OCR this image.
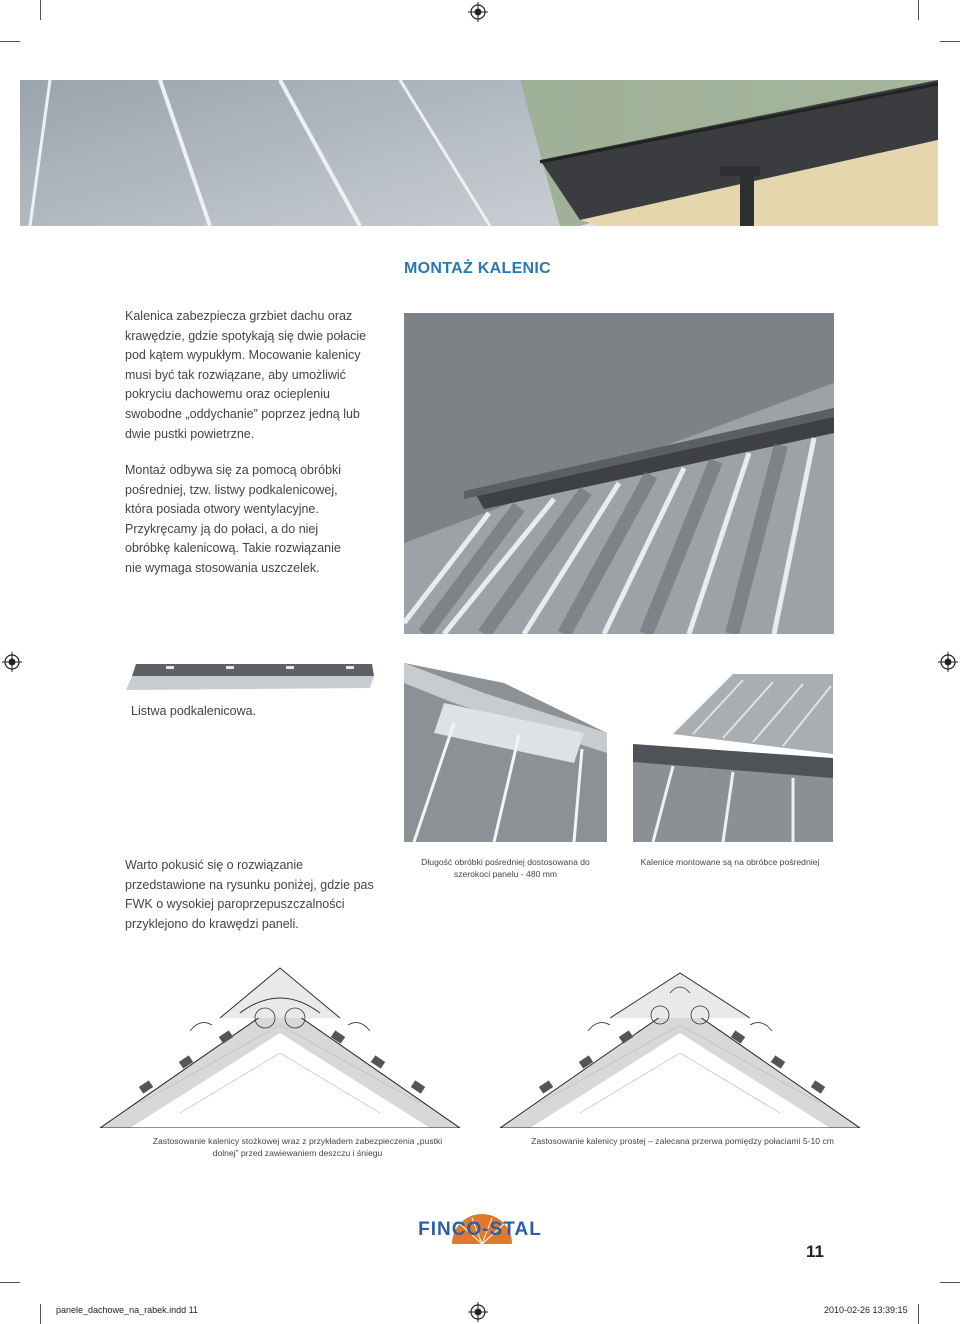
MONTAŻ KALENIC

Kalenica zabezpiecza grzbiet dachu oraz krawędzie, gdzie spotykają się dwie połacie pod kątem wypukłym. Mocowanie kalenicy musi być tak rozwiązane, aby umożliwić pokryciu dachowemu oraz ociepleniu swobodne „oddychanie” poprzez jedną lub dwie pustki powietrzne.

Montaż odbywa się za pomocą obróbki pośredniej, tzw. listwy podkalenicowej, która posiada otwory wentylacyjne. Przykręcamy ją do połaci, a do niej obróbkę kalenicową. Takie rozwiązanie nie wymaga stosowania uszczelek.

Listwa podkalenicowa.

Długość obróbki pośredniej dostosowana do szerokoci panelu - 480 mm
Kalenice montowane są na obróbce pośredniej

Warto pokusić się o rozwiązanie przedstawione na rysunku poniżej, gdzie pas FWK o wysokiej paroprzepuszczalności przyklejono do krawędzi paneli.

Zastosowanie kalenicy stożkowej wraz z przykładem zabezpieczenia „pustki dolnej” przed zawiewaniem deszczu i śniegu
Zastosowanie kalenicy prostej – zalecana przerwa pomiędzy połaciami 5-10 cm
FINCO-STAL
11
panele_dachowe_na_rabek.indd 11	2010-02-26 13:39:15
